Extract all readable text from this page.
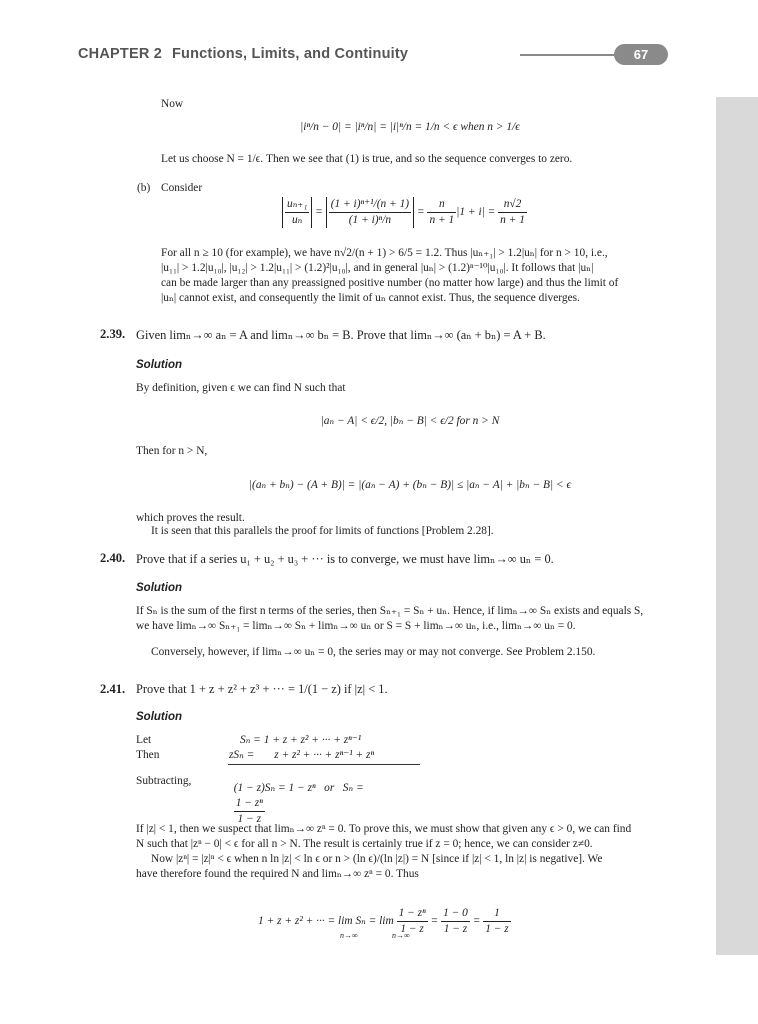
CHAPTER 2 Functions, Limits, and Continuity	67
Now
|iⁿ/n − 0| = |iⁿ/n| = |i|ⁿ/n = 1/n < ϵ when n > 1/ϵ
Let us choose N = 1/ϵ. Then we see that (1) is true, and so the sequence converges to zero.
(b) Consider
$\frac{\text{uₙ₊₁}}{\text{uₙ}} = \frac{\text{(1 + i)ⁿ⁺¹/(n + 1)}}{\text{(1 + i)ⁿ/n}} = \frac{n}{n + 1} |1 + i| = \frac{n√2}{n + 1}$
For all n ≥ 10 (for example), we have n√2/(n + 1) > 6/5 = 1.2. Thus |uₙ₊₁| > 1.2|uₙ| for n > 10, i.e.,
|u₁₁| > 1.2|u₁₀|, |u₁₂| > 1.2|u₁₁| > (1.2)²|u₁₀|, and in general |uₙ| > (1.2)ⁿ⁻¹⁰|u₁₀|. It follows that |uₙ|
can be made larger than any preassigned positive number (no matter how large) and thus the limit of
|uₙ| cannot exist, and consequently the limit of uₙ cannot exist. Thus, the sequence diverges.
2.39. Given limₙ→∞ aₙ = A and limₙ→∞ bₙ = B. Prove that limₙ→∞ (aₙ + bₙ) = A + B.
Solution
By definition, given ϵ we can find N such that
|aₙ − A| < ϵ/2, |bₙ − B| < ϵ/2 for n > N
Then for n > N,
|(aₙ + bₙ) − (A + B)| = |(aₙ − A) + (bₙ − B)| ≤ |aₙ − A| + |bₙ − B| < ϵ
which proves the result.
It is seen that this parallels the proof for limits of functions [Problem 2.28].
2.40. Prove that if a series u₁ + u₂ + u₃ + ··· is to converge, we must have limₙ→∞ uₙ = 0.
Solution
If Sₙ is the sum of the first n terms of the series, then Sₙ₊₁ = Sₙ + uₙ. Hence, if limₙ→∞ Sₙ exists and equals S,
we have limₙ→∞ Sₙ₊₁ = limₙ→∞ Sₙ + limₙ→∞ uₙ or S = S + limₙ→∞ uₙ, i.e., limₙ→∞ uₙ = 0.
Conversely, however, if limₙ→∞ uₙ = 0, the series may or may not converge. See Problem 2.150.
2.41. Prove that 1 + z + z² + z³ + ··· = 1/(1 − z) if |z| < 1.
Solution
Let	Sₙ = 1 + z + z² + ··· + zⁿ⁻¹
Then	zSₙ =       z + z² + ··· + zⁿ⁻¹ + zⁿ
Subtracting,

(1 − z)Sₙ = 1 − zⁿ   or   Sₙ =

$\frac{\text{1 − zⁿ}}{1 - z}$

If |z| < 1, then we suspect that limₙ→∞ zⁿ = 0. To prove this, we must show that given any ϵ > 0, we can find
N such that |zⁿ − 0| < ϵ for all n > N. The result is certainly true if z = 0; hence, we can consider z≠0.
Now |zⁿ| = |z|ⁿ < ϵ when n ln |z| < ln ϵ or n > (ln ϵ)/(ln |z|) = N [since if |z| < 1, ln |z| is negative]. We
have therefore found the required N and limₙ→∞ zⁿ = 0. Thus
1 + z + z² + ··· = lim Sₙ = lim
n→∞	n→∞

$\frac{\text{1 − zⁿ}}{1 - z} = \frac{1 - 0}{1 - z} = \frac{1}{1 - z}$
